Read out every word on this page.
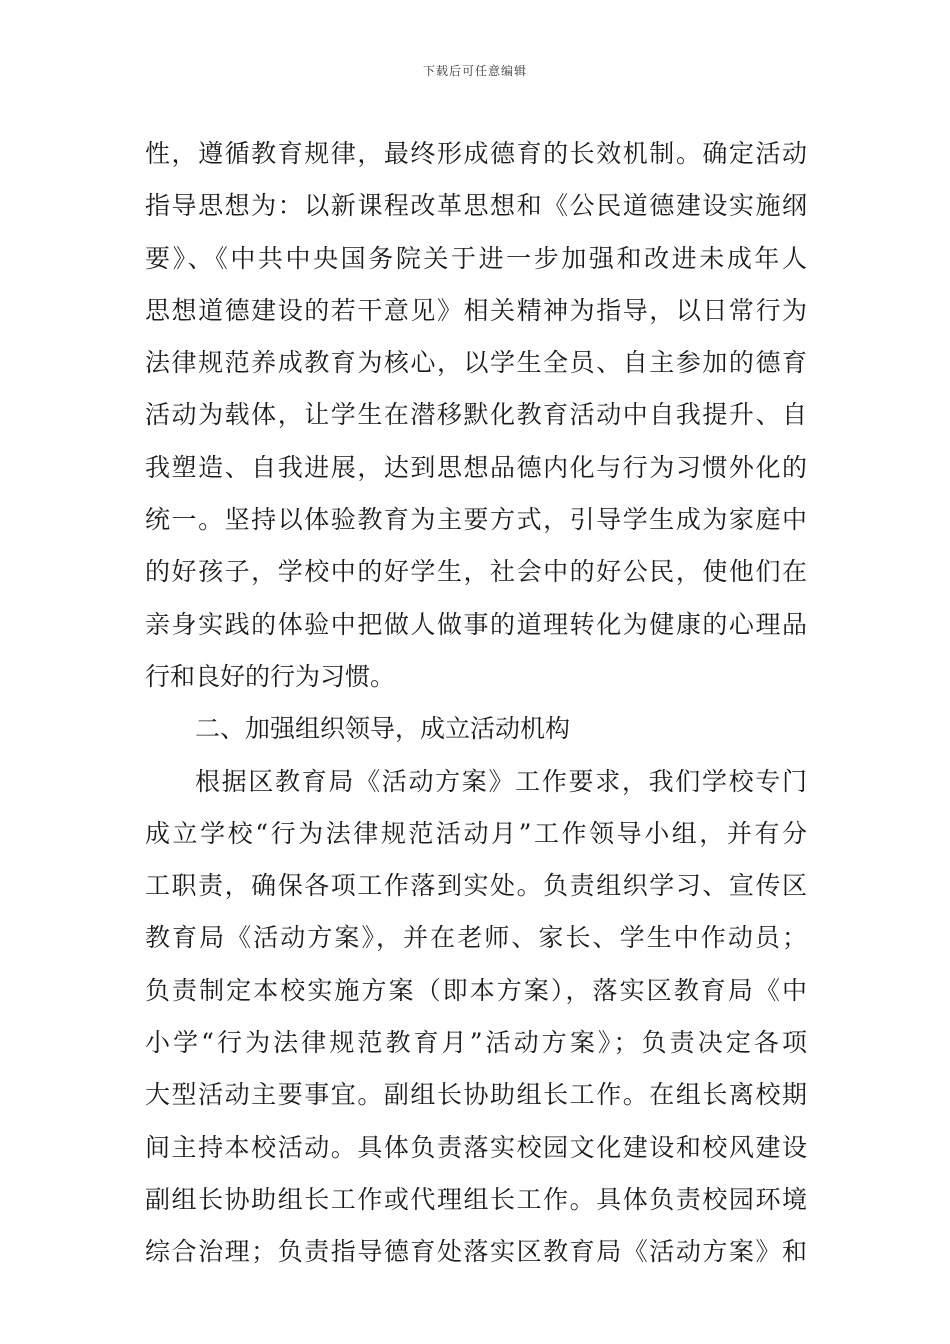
下载后可任意编辑
性，遵循教育规律，最终形成德育的长效机制。确定活动
指导思想为：以新课程改革思想和《公民道德建设实施纲
要》、《中共中央国务院关于进一步加强和改进未成年人
思想道德建设的若干意见》相关精神为指导，以日常行为
法律规范养成教育为核心，以学生全员、自主参加的德育
活动为载体，让学生在潜移默化教育活动中自我提升、自
我塑造、自我进展，达到思想品德内化与行为习惯外化的
统一。坚持以体验教育为主要方式，引导学生成为家庭中
的好孩子，学校中的好学生，社会中的好公民，使他们在
亲身实践的体验中把做人做事的道理转化为健康的心理品
行和良好的行为习惯。
二、加强组织领导，成立活动机构
根据区教育局《活动方案》工作要求，我们学校专门
成立学校“行为法律规范活动月”工作领导小组，并有分
工职责，确保各项工作落到实处。负责组织学习、宣传区
教育局《活动方案》，并在老师、家长、学生中作动员；
负责制定本校实施方案（即本方案），落实区教育局《中
小学“行为法律规范教育月”活动方案》；负责决定各项
大型活动主要事宜。副组长协助组长工作。在组长离校期
间主持本校活动。具体负责落实校园文化建设和校风建设
副组长协助组长工作或代理组长工作。具体负责校园环境
综合治理；负责指导德育处落实区教育局《活动方案》和
